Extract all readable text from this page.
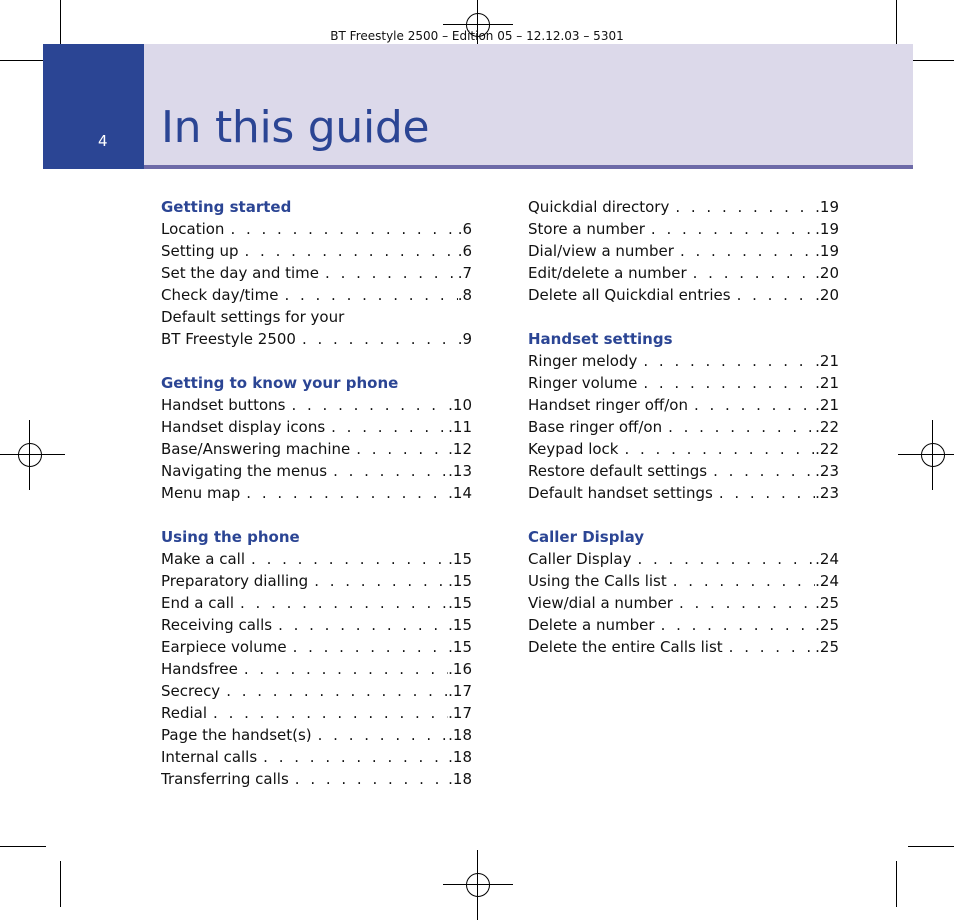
BT Freestyle 2500 – Edition 05 – 12.12.03 – 5301
4 In this guide
Getting started
Location . . .	.6
Setting up . . .	.6
Set the day and time . . .	.7
Check day/time . . .	.8
Default settings for your
BT Freestyle 2500 . . .	.9
Getting to know your phone
Handset buttons . . .	.10
Handset display icons . . .	.11
Base/Answering machine . . .	.12
Navigating the menus . . .	.13
Menu map . . .	.14
Using the phone
Make a call . . .	.15
Preparatory dialling . . .	.15
End a call . . .	.15
Receiving calls . . .	.15
Earpiece volume . . .	.15
Handsfree . . .	.16
Secrecy . . .	.17
Redial . . .	.17
Page the handset(s) . . .	.18
Internal calls . . .	.18
Transferring calls . . .	.18
Quickdial directory . . .	.19
Store a number . . .	.19
Dial/view a number . . .	.19
Edit/delete a number . . .	.20
Delete all Quickdial entries . . .	.20
Handset settings
Ringer melody . . .	.21
Ringer volume . . .	.21
Handset ringer off/on . . .	.21
Base ringer off/on . . .	.22
Keypad lock . . .	.22
Restore default settings . . .	.23
Default handset settings . . .	.23
Caller Display
Caller Display . . .	.24
Using the Calls list . . .	.24
View/dial a number . . .	.25
Delete a number . . .	.25
Delete the entire Calls list . . .	.25
